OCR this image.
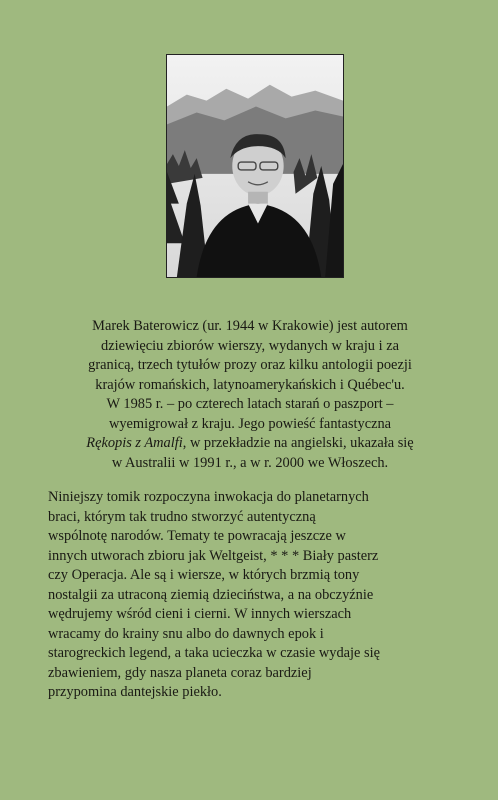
Marek Baterowicz (ur. 1944 w Krakowie) jest autorem
dziewięciu zbiorów wierszy, wydanych w kraju i za
granicą, trzech tytułów prozy oraz kilku antologii poezji
krajów romańskich, latynoamerykańskich i Québec'u.
W 1985 r. – po czterech latach starań o paszport –
wyemigrował z kraju. Jego powieść fantastyczna
Rękopis z Amalfi, w przekładzie na angielski, ukazała się
w Australii w 1991 r., a w r. 2000 we Włoszech.

Niniejszy tomik rozpoczyna inwokacja do planetarnych
braci, którym tak trudno stworzyć autentyczną
wspólnotę narodów. Tematy te powracają jeszcze w
innych utworach zbioru jak Weltgeist, * * * Biały pasterz
czy Operacja. Ale są i wiersze, w których brzmią tony
nostalgii za utraconą ziemią dzieciństwa, a na obczyźnie
wędrujemy wśród cieni i cierni. W innych wierszach
wracamy do krainy snu albo do dawnych epok i
starogreckich legend, a taka ucieczka w czasie wydaje się
zbawieniem, gdy nasza planeta coraz bardziej
przypomina dantejskie piekło.
